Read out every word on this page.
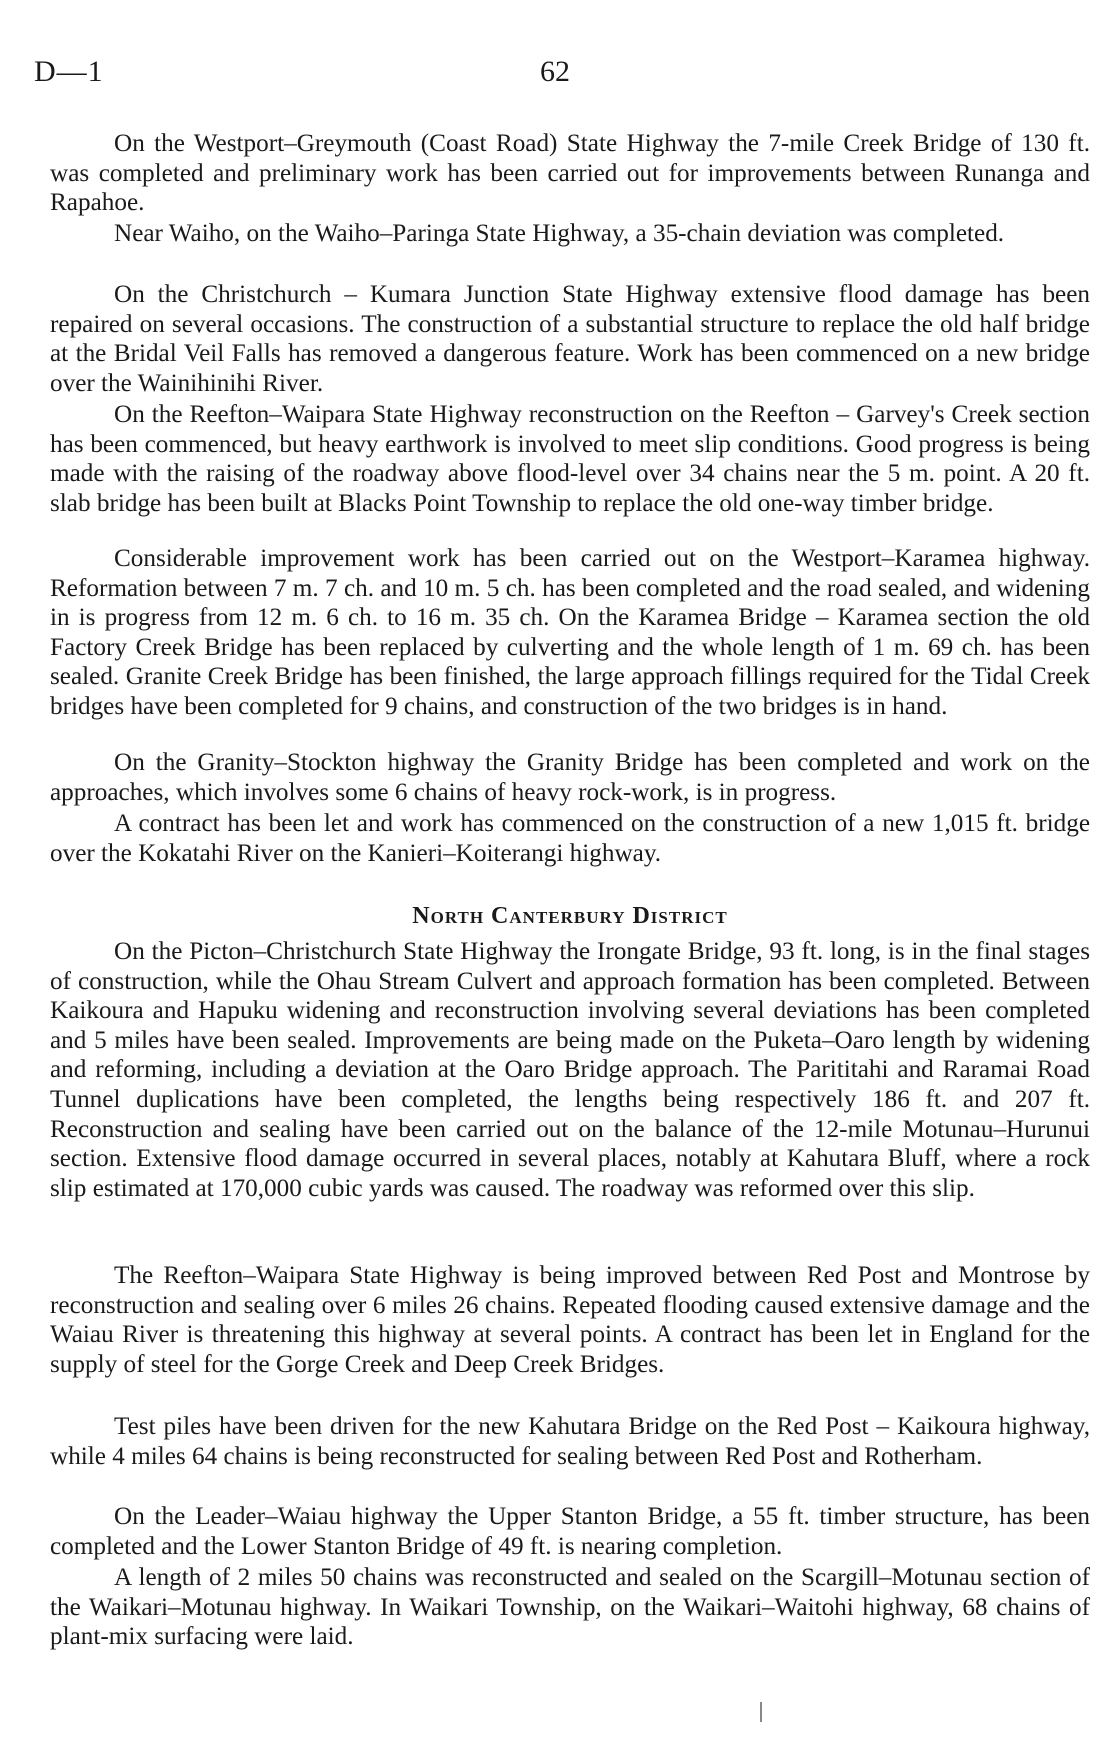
D—1	62

On the Westport–Greymouth (Coast Road) State Highway the 7-mile Creek Bridge of 130 ft. was completed and preliminary work has been carried out for improvements between Runanga and Rapahoe.

Near Waiho, on the Waiho–Paringa State Highway, a 35-chain deviation was completed.

On the Christchurch – Kumara Junction State Highway extensive flood damage has been repaired on several occasions. The construction of a substantial structure to replace the old half bridge at the Bridal Veil Falls has removed a dangerous feature. Work has been commenced on a new bridge over the Wainihinihi River.

On the Reefton–Waipara State Highway reconstruction on the Reefton – Garvey's Creek section has been commenced, but heavy earthwork is involved to meet slip conditions. Good progress is being made with the raising of the roadway above flood-level over 34 chains near the 5 m. point. A 20 ft. slab bridge has been built at Blacks Point Township to replace the old one-way timber bridge.

Considerable improvement work has been carried out on the Westport–Karamea highway. Reformation between 7 m. 7 ch. and 10 m. 5 ch. has been completed and the road sealed, and widening in is progress from 12 m. 6 ch. to 16 m. 35 ch. On the Karamea Bridge – Karamea section the old Factory Creek Bridge has been replaced by culverting and the whole length of 1 m. 69 ch. has been sealed. Granite Creek Bridge has been finished, the large approach fillings required for the Tidal Creek bridges have been completed for 9 chains, and construction of the two bridges is in hand.

On the Granity–Stockton highway the Granity Bridge has been completed and work on the approaches, which involves some 6 chains of heavy rock-work, is in progress.

A contract has been let and work has commenced on the construction of a new 1,015 ft. bridge over the Kokatahi River on the Kanieri–Koiterangi highway.

North Canterbury District

On the Picton–Christchurch State Highway the Irongate Bridge, 93 ft. long, is in the final stages of construction, while the Ohau Stream Culvert and approach formation has been completed. Between Kaikoura and Hapuku widening and reconstruction involving several deviations has been completed and 5 miles have been sealed. Improvements are being made on the Puketa–Oaro length by widening and reforming, including a deviation at the Oaro Bridge approach. The Parititahi and Raramai Road Tunnel duplications have been completed, the lengths being respectively 186 ft. and 207 ft. Reconstruction and sealing have been carried out on the balance of the 12-mile Motunau–Hurunui section. Extensive flood damage occurred in several places, notably at Kahutara Bluff, where a rock slip estimated at 170,000 cubic yards was caused. The roadway was reformed over this slip.

The Reefton–Waipara State Highway is being improved between Red Post and Montrose by reconstruction and sealing over 6 miles 26 chains. Repeated flooding caused extensive damage and the Waiau River is threatening this highway at several points. A contract has been let in England for the supply of steel for the Gorge Creek and Deep Creek Bridges.

Test piles have been driven for the new Kahutara Bridge on the Red Post – Kaikoura highway, while 4 miles 64 chains is being reconstructed for sealing between Red Post and Rotherham.

On the Leader–Waiau highway the Upper Stanton Bridge, a 55 ft. timber structure, has been completed and the Lower Stanton Bridge of 49 ft. is nearing completion.

A length of 2 miles 50 chains was reconstructed and sealed on the Scargill–Motunau section of the Waikari–Motunau highway. In Waikari Township, on the Waikari–Waitohi highway, 68 chains of plant-mix surfacing were laid.
